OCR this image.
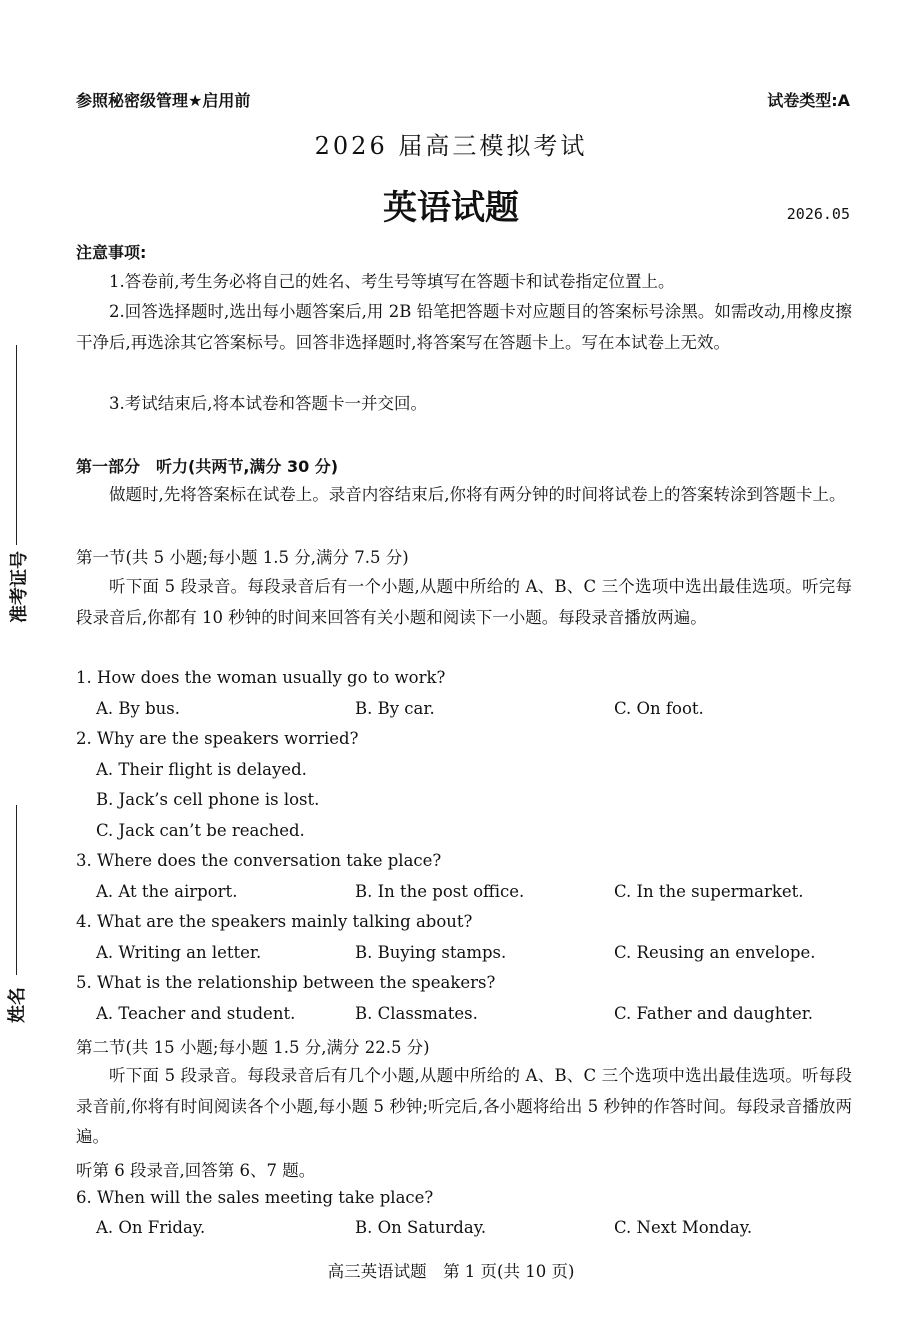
准考证号
姓名
参照秘密级管理★启用前	试卷类型:A
2026 届高三模拟考试
英语试题	2026.05
注意事项:
1.答卷前,考生务必将自己的姓名、考生号等填写在答题卡和试卷指定位置上。
2.回答选择题时,选出每小题答案后,用 2B 铅笔把答题卡对应题目的答案标号涂黑。如需改动,用橡皮擦干净后,再选涂其它答案标号。回答非选择题时,将答案写在答题卡上。写在本试卷上无效。
3.考试结束后,将本试卷和答题卡一并交回。
第一部分　听力(共两节,满分 30 分)
做题时,先将答案标在试卷上。录音内容结束后,你将有两分钟的时间将试卷上的答案转涂到答题卡上。
第一节(共 5 小题;每小题 1.5 分,满分 7.5 分)
听下面 5 段录音。每段录音后有一个小题,从题中所给的 A、B、C 三个选项中选出最佳选项。听完每段录音后,你都有 10 秒钟的时间来回答有关小题和阅读下一小题。每段录音播放两遍。
1. How does the woman usually go to work?
A. By bus.	B. By car.	C. On foot.
2. Why are the speakers worried?
A. Their flight is delayed.
B. Jack’s cell phone is lost.
C. Jack can’t be reached.
3. Where does the conversation take place?
A. At the airport.	B. In the post office.	C. In the supermarket.
4. What are the speakers mainly talking about?
A. Writing an letter.	B. Buying stamps.	C. Reusing an envelope.
5. What is the relationship between the speakers?
A. Teacher and student.	B. Classmates.	C. Father and daughter.
第二节(共 15 小题;每小题 1.5 分,满分 22.5 分)
听下面 5 段录音。每段录音后有几个小题,从题中所给的 A、B、C 三个选项中选出最佳选项。听每段录音前,你将有时间阅读各个小题,每小题 5 秒钟;听完后,各小题将给出 5 秒钟的作答时间。每段录音播放两遍。
听第 6 段录音,回答第 6、7 题。
6. When will the sales meeting take place?
A. On Friday.	B. On Saturday.	C. Next Monday.
高三英语试题　第 1 页(共 10 页)
